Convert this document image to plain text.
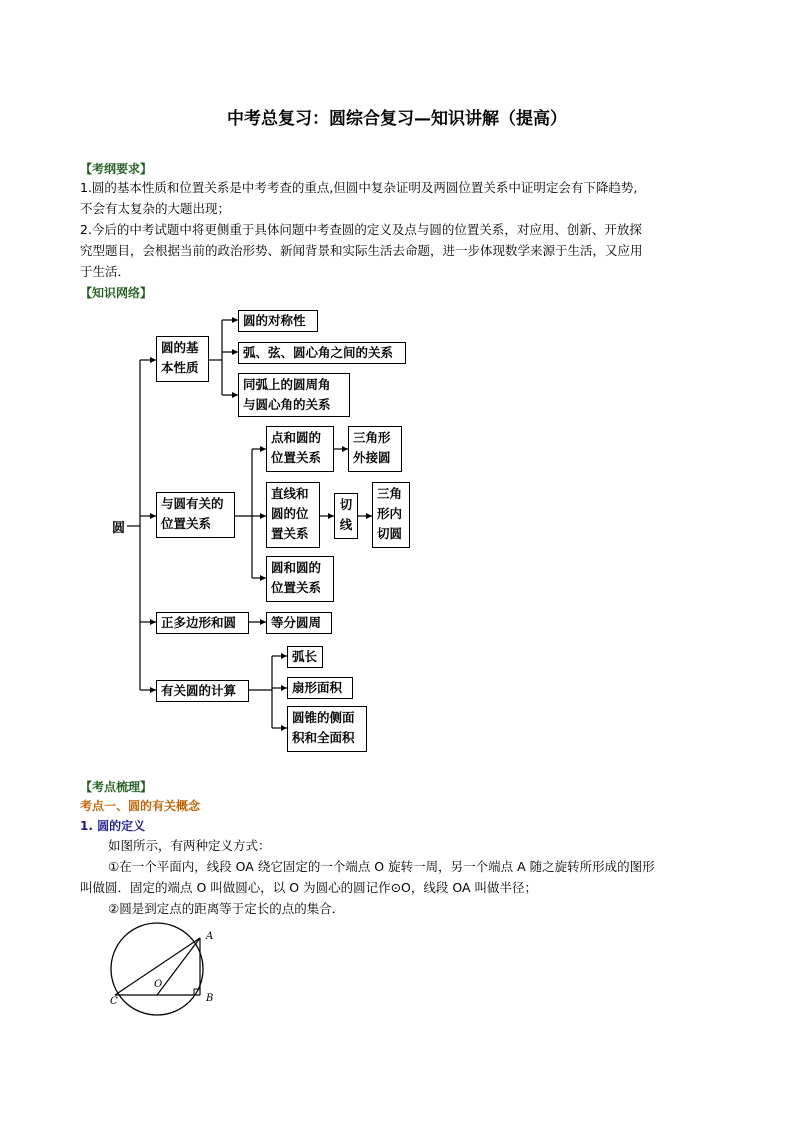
中考总复习：圆综合复习—知识讲解（提高）
【考纲要求】

1.圆的基本性质和位置关系是中考考查的重点,但圆中复杂证明及两圆位置关系中证明定会有下降趋势,

不会有太复杂的大题出现；

2.今后的中考试题中将更侧重于具体问题中考查圆的定义及点与圆的位置关系，对应用、创新、开放探

究型题目，会根据当前的政治形势、新闻背景和实际生活去命题，进一步体现数学来源于生活，又应用

于生活．

【知识网络】
圆
圆的基
本性质
圆的对称性
弧、弦、圆心角之间的关系
同弧上的圆周角
与圆心角的关系
与圆有关的
位置关系
点和圆的
位置关系
三角形
外接圆
直线和
圆的位
置关系
切
线
三角
形内
切圆
圆和圆的
位置关系
正多边形和圆	等分圆周
有关圆的计算
弧长
扇形面积
圆锥的侧面
积和全面积
【考点梳理】
考点一、圆的有关概念
1. 圆的定义

如图所示，有两种定义方式：

①在一个平面内，线段 OA 绕它固定的一个端点 O 旋转一周，另一个端点 A 随之旋转所形成的图形

叫做圆．固定的端点 O 叫做圆心，以 O 为圆心的圆记作⊙O，线段 OA 叫做半径；

②圆是到定点的距离等于定长的点的集合．

A
B
C
O
